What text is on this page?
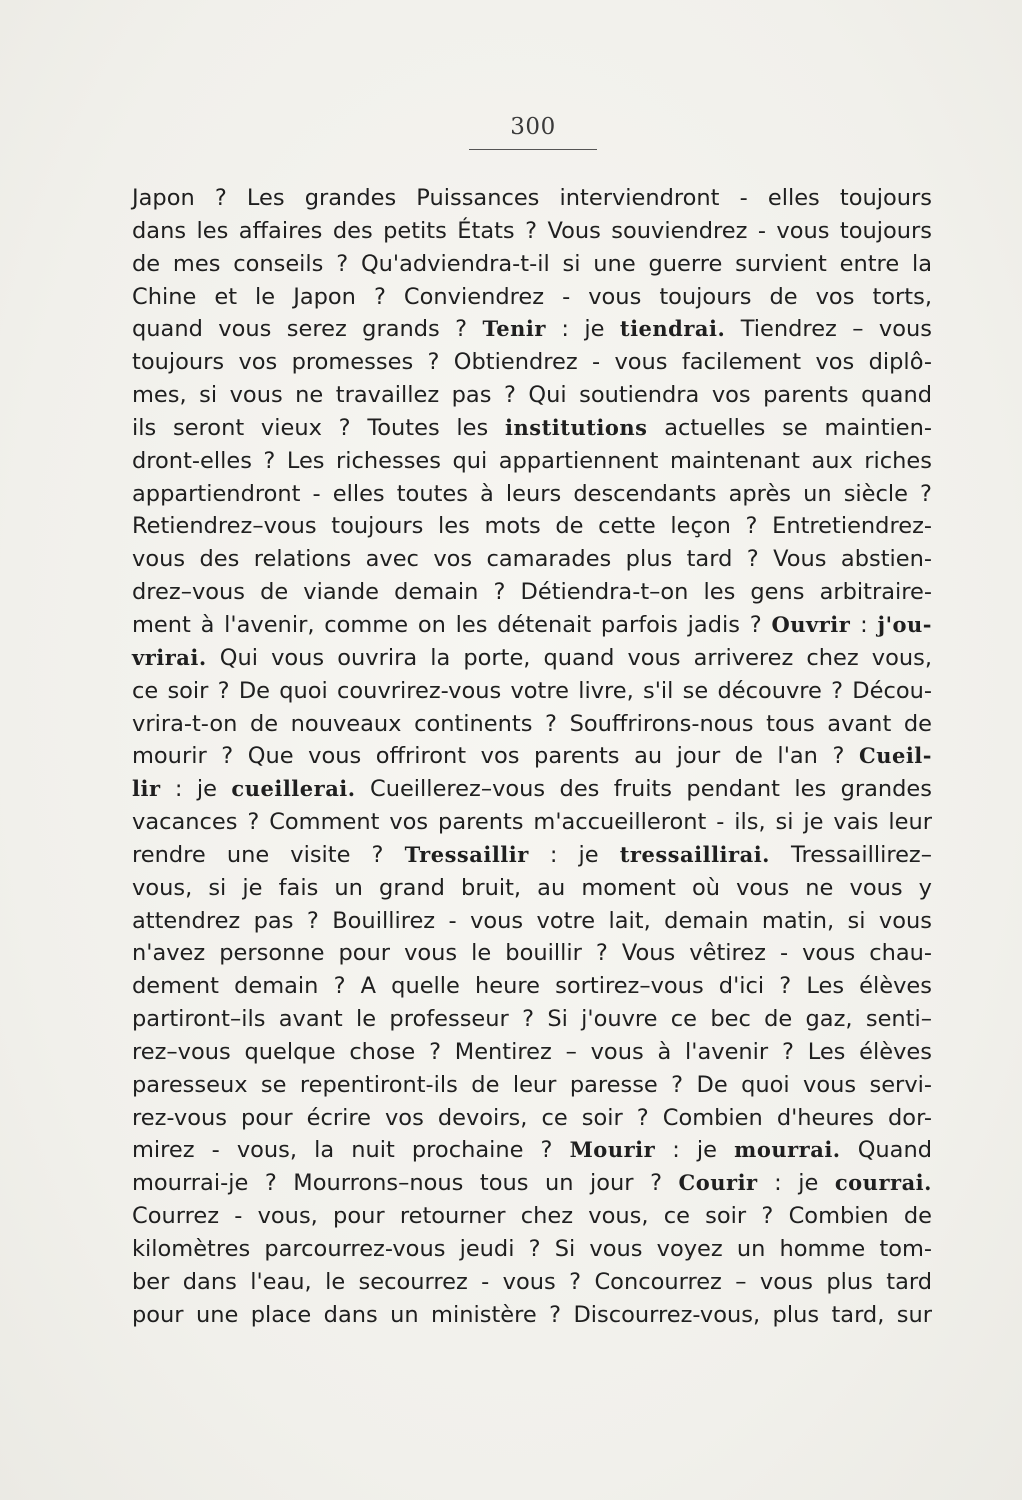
300
Japon ? Les grandes Puissances interviendront - elles toujours
dans les affaires des petits États ? Vous souviendrez - vous toujours
de mes conseils ? Qu'adviendra-t-il si une guerre survient entre la
Chine et le Japon ? Conviendrez - vous toujours de vos torts,
quand vous serez grands ? Tenir : je tiendrai. Tiendrez – vous
toujours vos promesses ? Obtiendrez - vous facilement vos diplô-
mes, si vous ne travaillez pas ? Qui soutiendra vos parents quand
ils seront vieux ? Toutes les institutions actuelles se maintien-
dront-elles ? Les richesses qui appartiennent maintenant aux riches
appartiendront - elles toutes à leurs descendants après un siècle ?
Retiendrez–vous toujours les mots de cette leçon ? Entretiendrez-
vous des relations avec vos camarades plus tard ? Vous abstien-
drez–vous de viande demain ? Détiendra-t–on les gens arbitraire-
ment à l'avenir, comme on les détenait parfois jadis ? Ouvrir : j'ou-
vrirai. Qui vous ouvrira la porte, quand vous arriverez chez vous,
ce soir ? De quoi couvrirez-vous votre livre, s'il se découvre ? Décou-
vrira-t-on de nouveaux continents ? Souffrirons-nous tous avant de
mourir ? Que vous offriront vos parents au jour de l'an ? Cueil-
lir : je cueillerai. Cueillerez–vous des fruits pendant les grandes
vacances ? Comment vos parents m'accueilleront - ils, si je vais leur
rendre une visite ? Tressaillir : je tressaillirai. Tressaillirez–
vous, si je fais un grand bruit, au moment où vous ne vous y
attendrez pas ? Bouillirez - vous votre lait, demain matin, si vous
n'avez personne pour vous le bouillir ? Vous vêtirez - vous chau-
dement demain ? A quelle heure sortirez–vous d'ici ? Les élèves
partiront–ils avant le professeur ? Si j'ouvre ce bec de gaz, senti–
rez–vous quelque chose ? Mentirez – vous à l'avenir ? Les élèves
paresseux se repentiront-ils de leur paresse ? De quoi vous servi-
rez-vous pour écrire vos devoirs, ce soir ? Combien d'heures dor-
mirez - vous, la nuit prochaine ? Mourir : je mourrai. Quand
mourrai-je ? Mourrons–nous tous un jour ? Courir : je courrai.
Courrez - vous, pour retourner chez vous, ce soir ? Combien de
kilomètres parcourrez-vous jeudi ? Si vous voyez un homme tom-
ber dans l'eau, le secourrez - vous ? Concourrez – vous plus tard
pour une place dans un ministère ? Discourrez-vous, plus tard, sur
